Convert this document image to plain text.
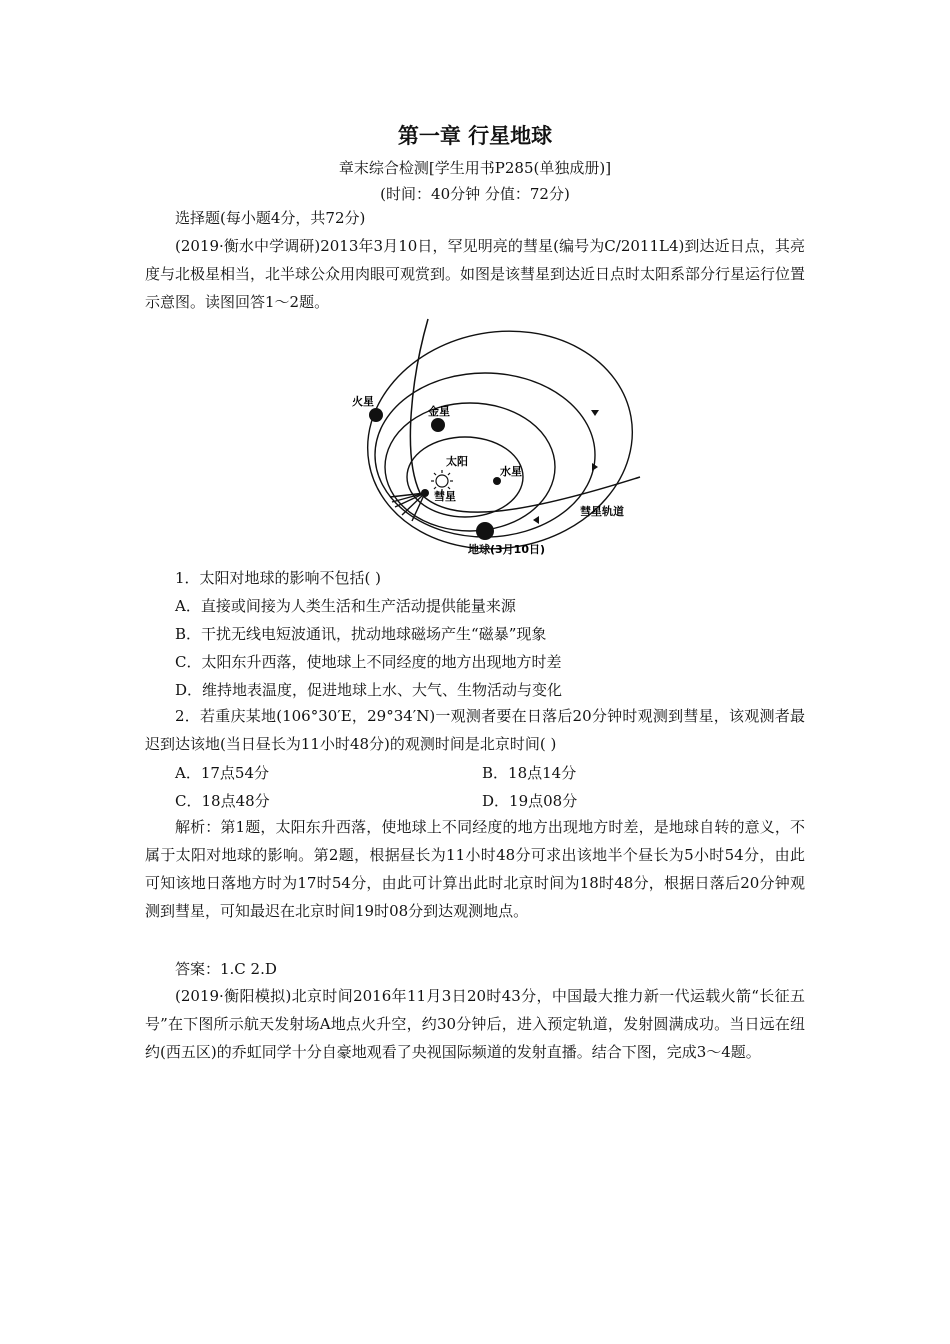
第一章 行星地球
章末综合检测[学生用书P285(单独成册)]
(时间：40分钟 分值：72分)
选择题(每小题4分，共72分)
(2019·衡水中学调研)2013年3月10日，罕见明亮的彗星(编号为C/2011L4)到达近日点，其亮度与北极星相当，北半球公众用肉眼可观赏到。如图是该彗星到达近日点时太阳系部分行星运行位置示意图。读图回答1～2题。
火星
金星
太阳
水星
彗星
彗星轨道
地球(3月10日)
1．太阳对地球的影响不包括( )
A．直接或间接为人类生活和生产活动提供能量来源
B．干扰无线电短波通讯，扰动地球磁场产生“磁暴”现象
C．太阳东升西落，使地球上不同经度的地方出现地方时差
D．维持地表温度，促进地球上水、大气、生物活动与变化
2．若重庆某地(106°30′E，29°34′N)一观测者要在日落后20分钟时观测到彗星，该观测者最迟到达该地(当日昼长为11小时48分)的观测时间是北京时间( )
A．17点54分	B．18点14分
C．18点48分	D．19点08分
解析：第1题，太阳东升西落，使地球上不同经度的地方出现地方时差，是地球自转的意义，不属于太阳对地球的影响。第2题，根据昼长为11小时48分可求出该地半个昼长为5小时54分，由此可知该地日落地方时为17时54分，由此可计算出此时北京时间为18时48分，根据日落后20分钟观测到彗星，可知最迟在北京时间19时08分到达观测地点。
答案：1.C 2.D
(2019·衡阳模拟)北京时间2016年11月3日20时43分，中国最大推力新一代运载火箭“长征五号”在下图所示航天发射场A地点火升空，约30分钟后，进入预定轨道，发射圆满成功。当日远在纽约(西五区)的乔虹同学十分自豪地观看了央视国际频道的发射直播。结合下图，完成3～4题。
